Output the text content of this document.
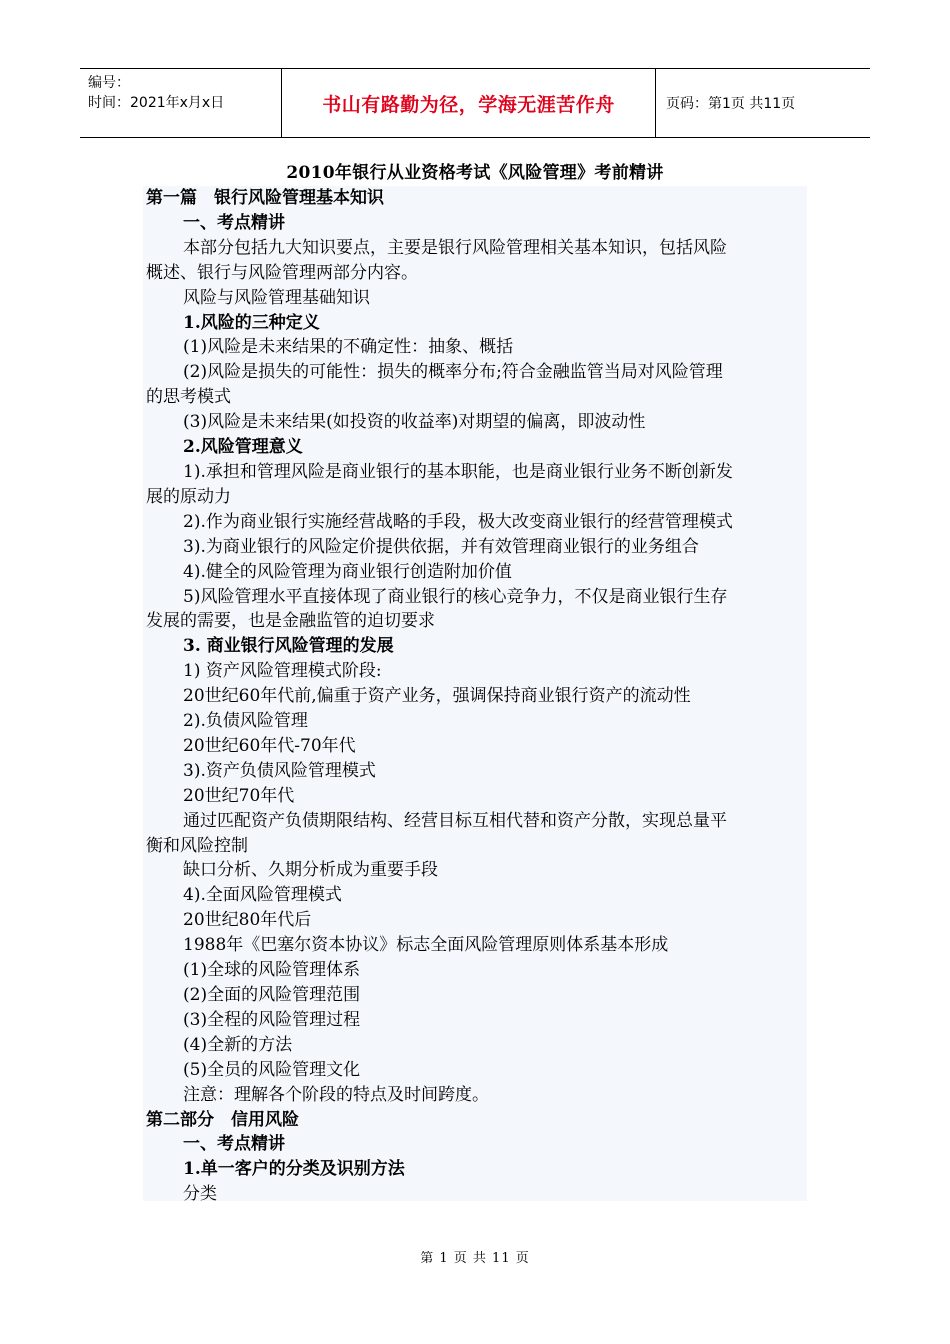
编号：
时间：2021年x月x日	书山有路勤为径，学海无涯苦作舟	页码：第1页 共11页
2010年银行从业资格考试《风险管理》考前精讲
第一篇　银行风险管理基本知识
一、考点精讲
本部分包括九大知识要点，主要是银行风险管理相关基本知识，包括风险
概述、银行与风险管理两部分内容。
风险与风险管理基础知识
1.风险的三种定义
(1)风险是未来结果的不确定性：抽象、概括
(2)风险是损失的可能性：损失的概率分布;符合金融监管当局对风险管理
的思考模式
(3)风险是未来结果(如投资的收益率)对期望的偏离，即波动性
2.风险管理意义
1).承担和管理风险是商业银行的基本职能，也是商业银行业务不断创新发
展的原动力
2).作为商业银行实施经营战略的手段，极大改变商业银行的经营管理模式
3).为商业银行的风险定价提供依据，并有效管理商业银行的业务组合
4).健全的风险管理为商业银行创造附加价值
5)风险管理水平直接体现了商业银行的核心竞争力，不仅是商业银行生存
发展的需要，也是金融监管的迫切要求
3. 商业银行风险管理的发展
1) 资产风险管理模式阶段:
20世纪60年代前,偏重于资产业务，强调保持商业银行资产的流动性
2).负债风险管理
20世纪60年代-70年代
3).资产负债风险管理模式
20世纪70年代
通过匹配资产负债期限结构、经营目标互相代替和资产分散，实现总量平
衡和风险控制
缺口分析、久期分析成为重要手段
4).全面风险管理模式
20世纪80年代后
1988年《巴塞尔资本协议》标志全面风险管理原则体系基本形成
(1)全球的风险管理体系
(2)全面的风险管理范围
(3)全程的风险管理过程
(4)全新的方法
(5)全员的风险管理文化
注意：理解各个阶段的特点及时间跨度。
第二部分　信用风险
一、考点精讲
1.单一客户的分类及识别方法
分类
第 1 页 共 11 页
